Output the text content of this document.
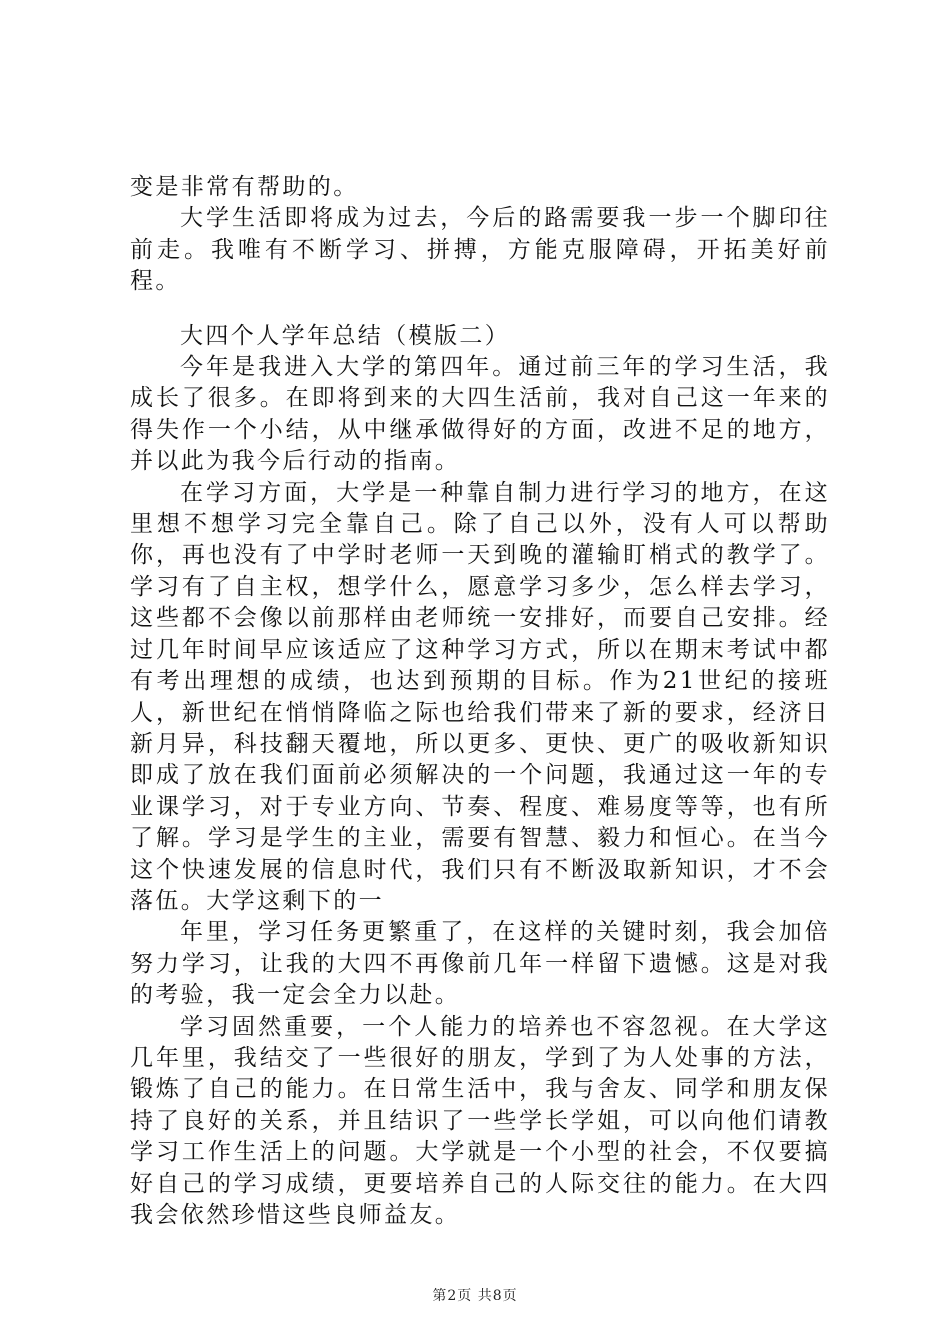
变是非常有帮助的。

大学生活即将成为过去，今后的路需要我一步一个脚印往前走。我唯有不断学习、拼搏，方能克服障碍，开拓美好前程。

大四个人学年总结（模版二）

今年是我进入大学的第四年。通过前三年的学习生活，我成长了很多。在即将到来的大四生活前，我对自己这一年来的得失作一个小结，从中继承做得好的方面，改进不足的地方，并以此为我今后行动的指南。

在学习方面，大学是一种靠自制力进行学习的地方，在这里想不想学习完全靠自己。除了自己以外，没有人可以帮助你，再也没有了中学时老师一天到晚的灌输盯梢式的教学了。学习有了自主权，想学什么，愿意学习多少，怎么样去学习，这些都不会像以前那样由老师统一安排好，而要自己安排。经过几年时间早应该适应了这种学习方式，所以在期末考试中都有考出理想的成绩，也达到预期的目标。作为21世纪的接班人，新世纪在悄悄降临之际也给我们带来了新的要求，经济日新月异，科技翻天覆地，所以更多、更快、更广的吸收新知识即成了放在我们面前必须解决的一个问题，我通过这一年的专业课学习，对于专业方向、节奏、程度、难易度等等，也有所了解。学习是学生的主业，需要有智慧、毅力和恒心。在当今这个快速发展的信息时代，我们只有不断汲取新知识，才不会落伍。大学这剩下的一

年里，学习任务更繁重了，在这样的关键时刻，我会加倍努力学习，让我的大四不再像前几年一样留下遗憾。这是对我的考验，我一定会全力以赴。

学习固然重要，一个人能力的培养也不容忽视。在大学这几年里，我结交了一些很好的朋友，学到了为人处事的方法，锻炼了自己的能力。在日常生活中，我与舍友、同学和朋友保持了良好的关系，并且结识了一些学长学姐，可以向他们请教学习工作生活上的问题。大学就是一个小型的社会，不仅要搞好自己的学习成绩，更要培养自己的人际交往的能力。在大四我会依然珍惜这些良师益友。

第2页 共8页
